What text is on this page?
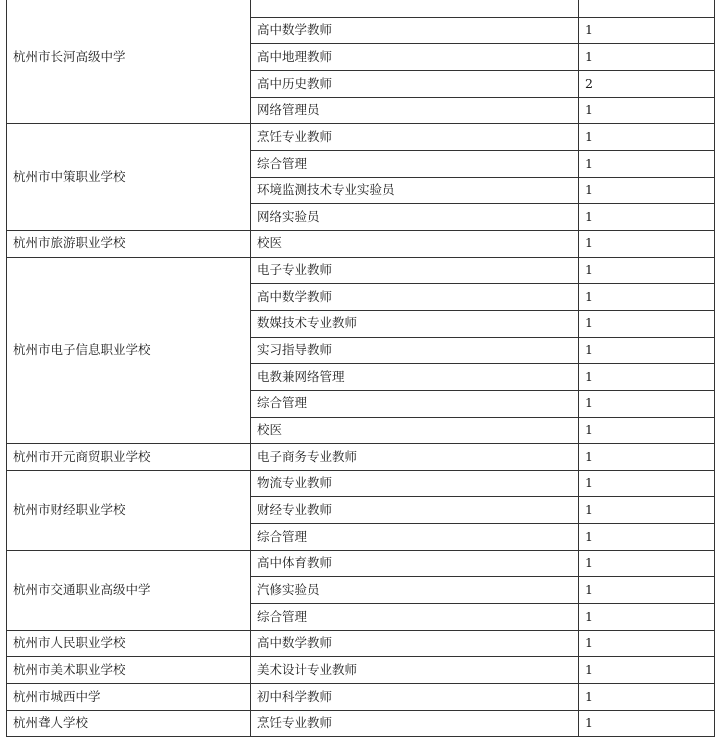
杭州市长河高级中学		
	高中数学教师	1
	高中地理教师	1
	高中历史教师	2
	网络管理员	1
杭州市中策职业学校	烹饪专业教师	1
	综合管理	1
	环境监测技术专业实验员	1
	网络实验员	1
杭州市旅游职业学校	校医	1
杭州市电子信息职业学校	电子专业教师	1
	高中数学教师	1
	数媒技术专业教师	1
	实习指导教师	1
	电教兼网络管理	1
	综合管理	1
	校医	1
杭州市开元商贸职业学校	电子商务专业教师	1
杭州市财经职业学校	物流专业教师	1
	财经专业教师	1
	综合管理	1
杭州市交通职业高级中学	高中体育教师	1
	汽修实验员	1
	综合管理	1
杭州市人民职业学校	高中数学教师	1
杭州市美术职业学校	美术设计专业教师	1
杭州市城西中学	初中科学教师	1
杭州聋人学校	烹饪专业教师	1
